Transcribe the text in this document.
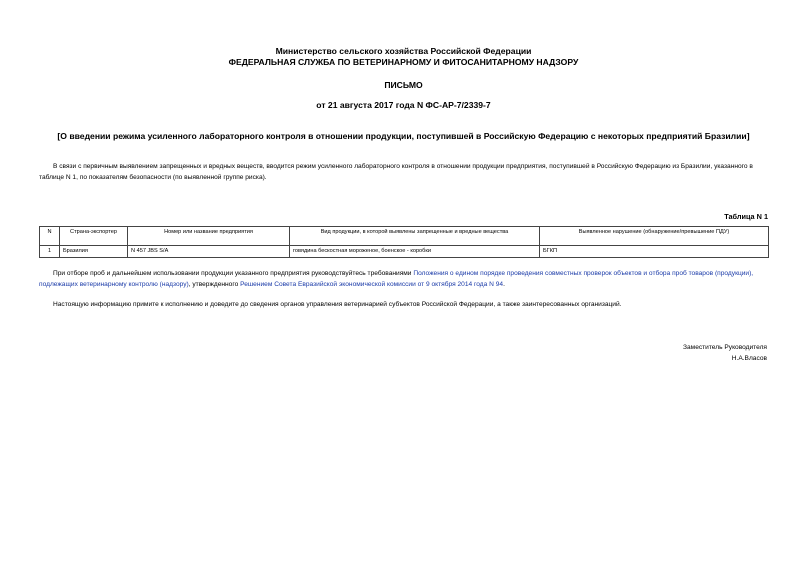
Министерство сельского хозяйства Российской Федерации
ФЕДЕРАЛЬНАЯ СЛУЖБА ПО ВЕТЕРИНАРНОМУ И ФИТОСАНИТАРНОМУ НАДЗОРУ
ПИСЬМО
от 21 августа 2017 года N ФС-АР-7/2339-7
[О введении режима усиленного лабораторного контроля в отношении продукции, поступившей в Российскую Федерацию с некоторых предприятий Бразилии]
В связи с первичным выявлением запрещенных и вредных веществ, вводится режим усиленного лабораторного контроля в отношении продукции предприятия, поступившей в Российскую Федерацию из Бразилии, указанного в таблице N 1, по показателям безопасности (по выявленной группе риска).
Таблица N 1
N	Страна-экспортер	Номер или название предприятия	Вид продукции, в которой выявлены запрещенные и вредные вещества	Выявленное нарушение (обнаружение/превышение ПДУ)
1	Бразилия	N 457 JBS S/A	говядина бескостная мороженое, боенское - коробки	БГКП
При отборе проб и дальнейшем использовании продукции указанного предприятия руководствуйтесь требованиями Положения о едином порядке проведения совместных проверок объектов и отбора проб товаров (продукции), подлежащих ветеринарному контролю (надзору), утвержденного Решением Совета Евразийской экономической комиссии от 9 октября 2014 года N 94.
Настоящую информацию примите к исполнению и доведите до сведения органов управления ветеринарией субъектов Российской Федерации, а также заинтересованных организаций.
Заместитель Руководителя
Н.А.Власов
